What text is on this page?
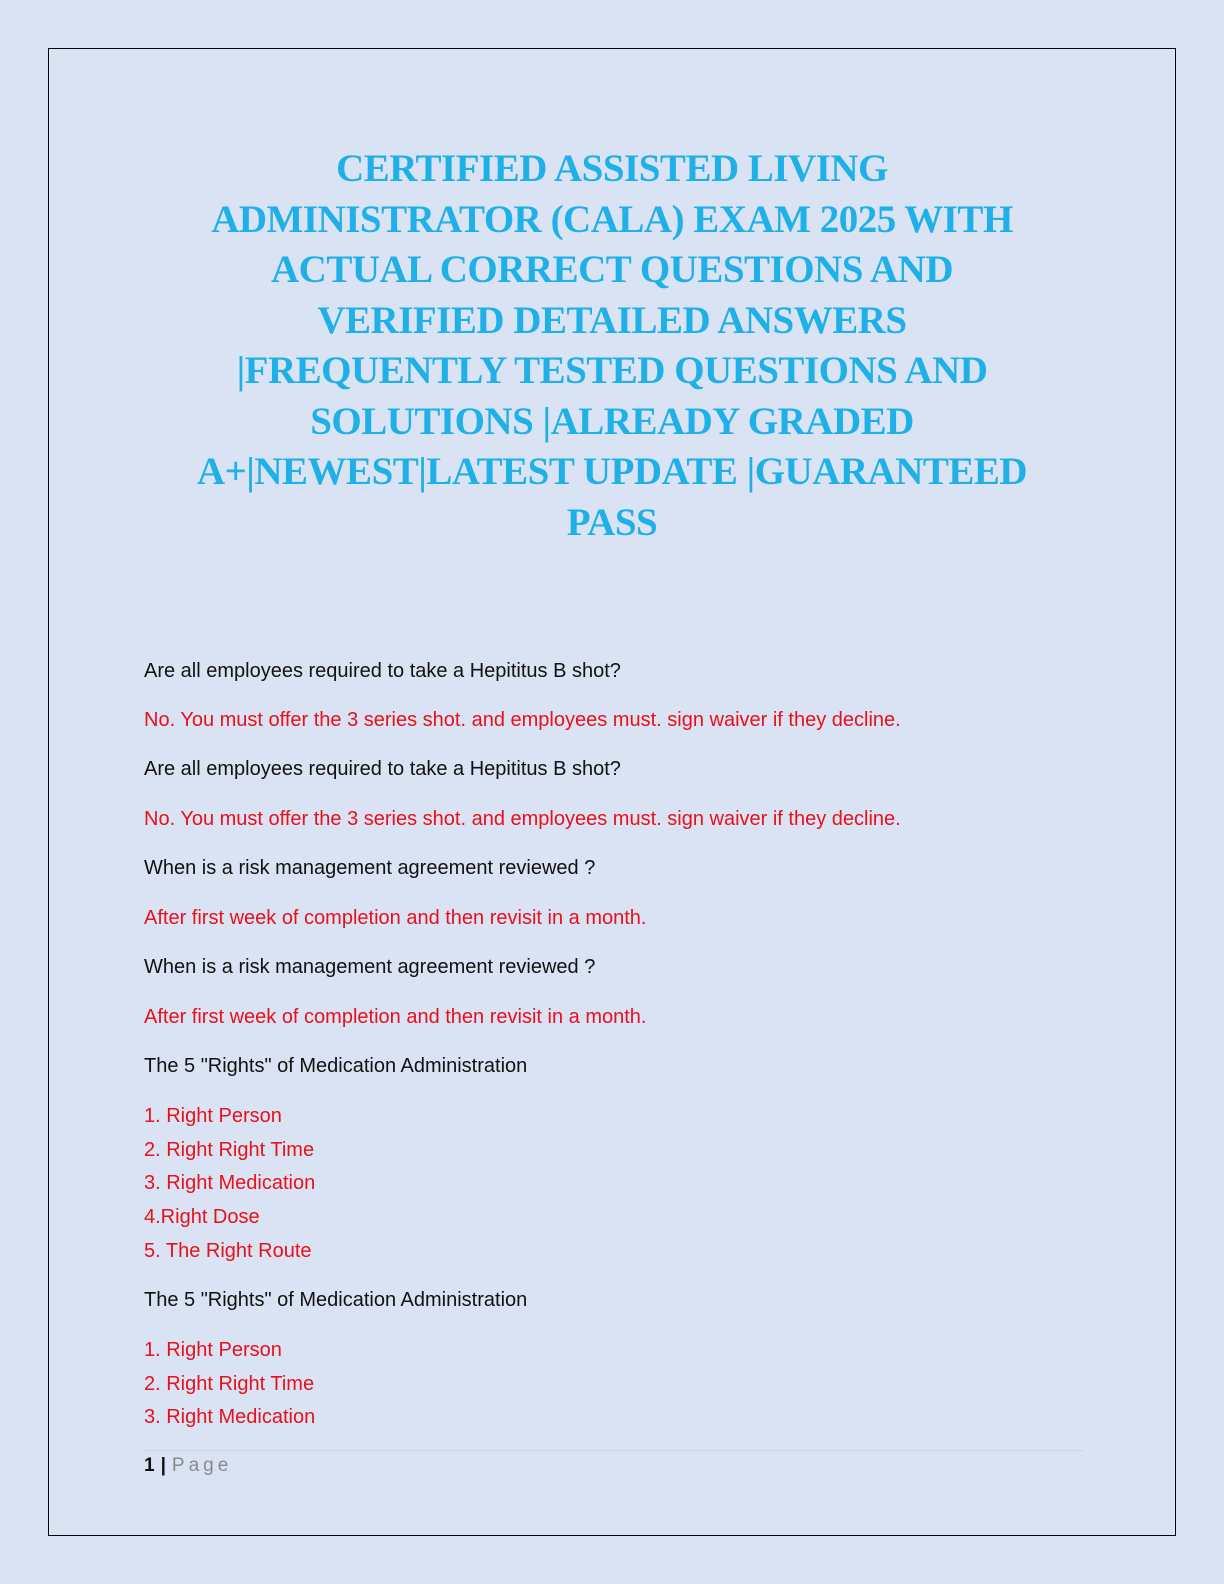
CERTIFIED ASSISTED LIVING
ADMINISTRATOR (CALA) EXAM 2025 WITH
ACTUAL CORRECT QUESTIONS AND
VERIFIED DETAILED ANSWERS
|FREQUENTLY TESTED QUESTIONS AND
SOLUTIONS |ALREADY GRADED
A+|NEWEST|LATEST UPDATE |GUARANTEED
PASS
Are all employees required to take a Hepititus B shot?
No. You must offer the 3 series shot. and employees must. sign waiver if they decline.
Are all employees required to take a Hepititus B shot?
No. You must offer the 3 series shot. and employees must. sign waiver if they decline.
When is a risk management agreement reviewed ?
After first week of completion and then revisit in a month.
When is a risk management agreement reviewed ?
After first week of completion and then revisit in a month.
The 5 "Rights" of Medication Administration
1. Right Person
2. Right Right Time
3. Right Medication
4.Right Dose
5. The Right Route
The 5 "Rights" of Medication Administration
1. Right Person
2. Right Right Time
3. Right Medication
1 | Page
